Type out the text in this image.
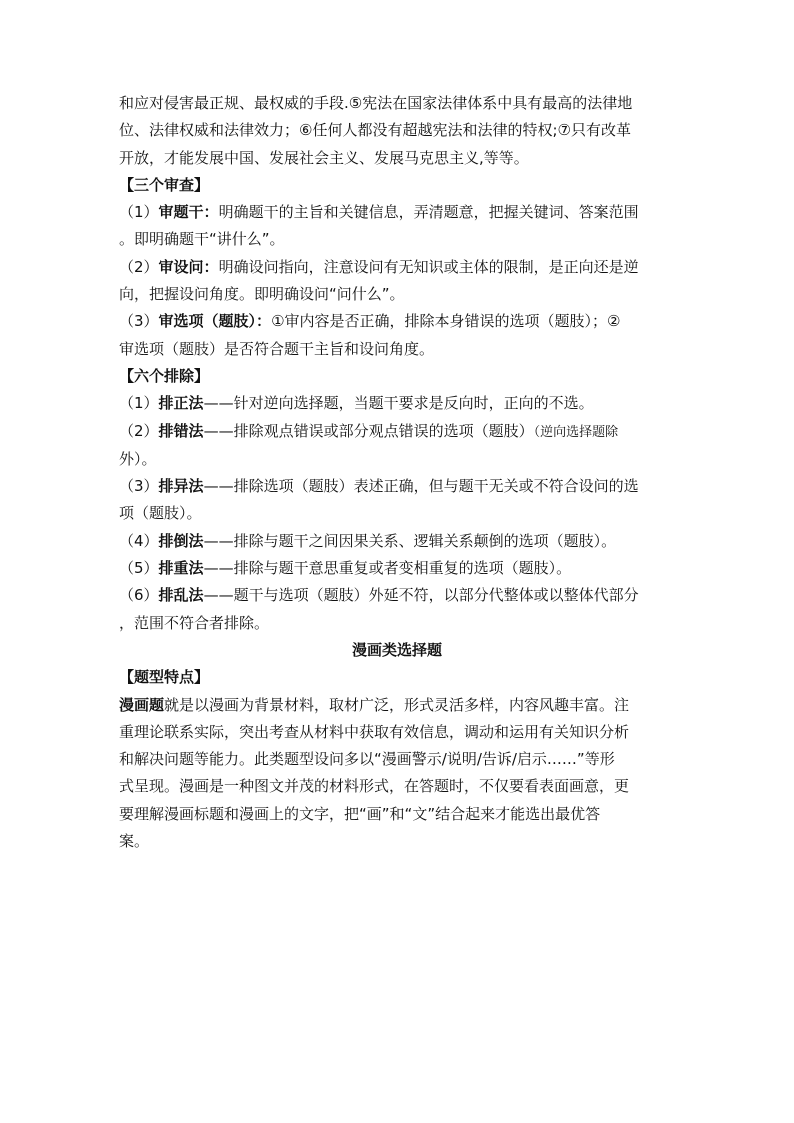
和应对侵害最正规、最权威的手段.⑤宪法在国家法律体系中具有最高的法律地
位、法律权威和法律效力；⑥任何人都没有超越宪法和法律的特权;⑦只有改革
开放，才能发展中国、发展社会主义、发展马克思主义,等等。
【三个审查】
（1）审题干：明确题干的主旨和关键信息，弄清题意，把握关键词、答案范围
。即明确题干“讲什么”。
（2）审设问：明确设问指向，注意设问有无知识或主体的限制，是正向还是逆
向，把握设问角度。即明确设问“问什么”。
（3）审选项（题肢）：①审内容是否正确，排除本身错误的选项（题肢）；②
审选项（题肢）是否符合题干主旨和设问角度。
【六个排除】
（1）排正法——针对逆向选择题，当题干要求是反向时，正向的不选。
（2）排错法——排除观点错误或部分观点错误的选项（题肢）（逆向选择题除
外）。
（3）排异法——排除选项（题肢）表述正确，但与题干无关或不符合设问的选
项（题肢）。
（4）排倒法——排除与题干之间因果关系、逻辑关系颠倒的选项（题肢）。
（5）排重法——排除与题干意思重复或者变相重复的选项（题肢）。
（6）排乱法——题干与选项（题肢）外延不符，以部分代整体或以整体代部分
，范围不符合者排除。
漫画类选择题
【题型特点】
漫画题就是以漫画为背景材料，取材广泛，形式灵活多样，内容风趣丰富。注
重理论联系实际，突出考查从材料中获取有效信息，调动和运用有关知识分析
和解决问题等能力。此类题型设问多以“漫画警示/说明/告诉/启示……”等形
式呈现。漫画是一种图文并茂的材料形式，在答题时，不仅要看表面画意，更
要理解漫画标题和漫画上的文字，把“画”和“文”结合起来才能选出最优答
案。
